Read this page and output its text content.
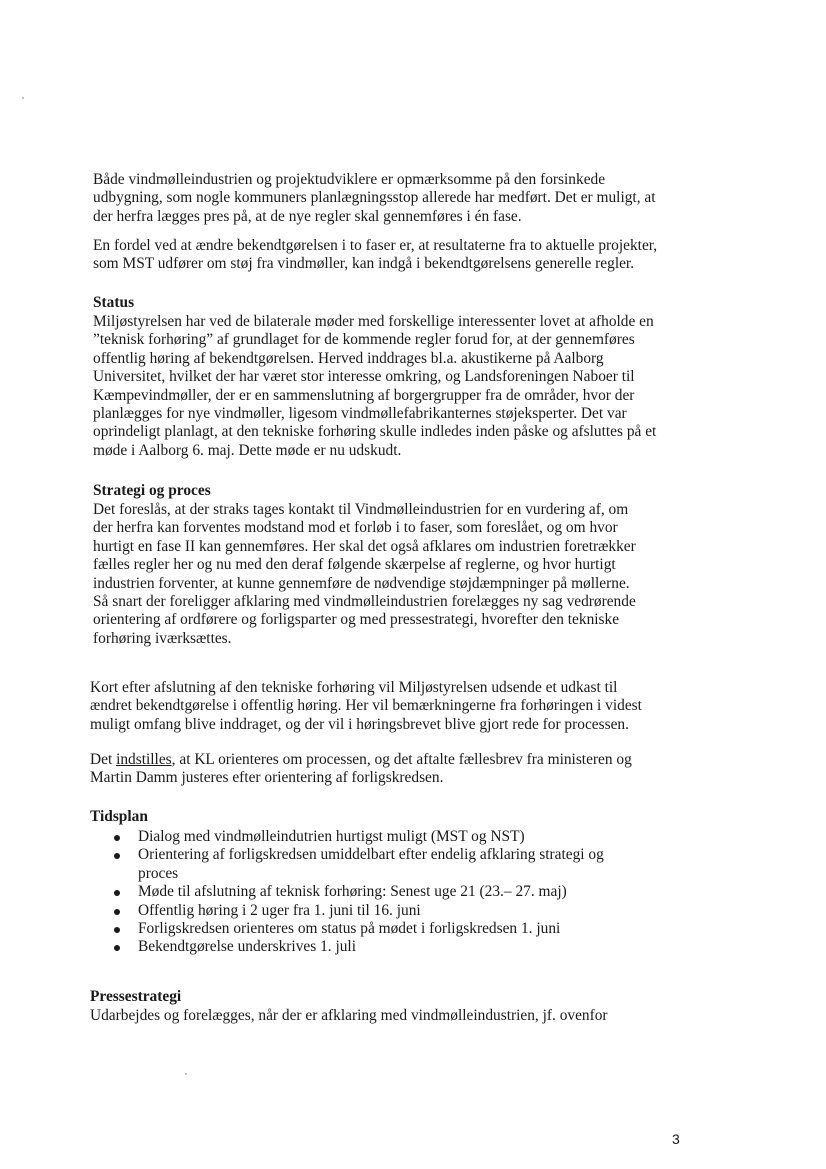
Både vindmølleindustrien og projektudviklere er opmærksomme på den forsinkede
udbygning, som nogle kommuners planlægningsstop allerede har medført. Det er muligt, at
der herfra lægges pres på, at de nye regler skal gennemføres i én fase.

En fordel ved at ændre bekendtgørelsen i to faser er, at resultaterne fra to aktuelle projekter,
som MST udfører om støj fra vindmøller, kan indgå i bekendtgørelsens generelle regler.

Status

Miljøstyrelsen har ved de bilaterale møder med forskellige interessenter lovet at afholde en
”teknisk forhøring” af grundlaget for de kommende regler forud for, at der gennemføres
offentlig høring af bekendtgørelsen. Herved inddrages bl.a. akustikerne på Aalborg
Universitet, hvilket der har været stor interesse omkring, og Landsforeningen Naboer til
Kæmpevindmøller, der er en sammenslutning af borgergrupper fra de områder, hvor der
planlægges for nye vindmøller, ligesom vindmøllefabrikanternes støjeksperter. Det var
oprindeligt planlagt, at den tekniske forhøring skulle indledes inden påske og afsluttes på et
møde i Aalborg 6. maj. Dette møde er nu udskudt.

Strategi og proces

Det foreslås, at der straks tages kontakt til Vindmølleindustrien for en vurdering af, om
der herfra kan forventes modstand mod et forløb i to faser, som foreslået, og om hvor
hurtigt en fase II kan gennemføres. Her skal det også afklares om industrien foretrækker
fælles regler her og nu med den deraf følgende skærpelse af reglerne, og hvor hurtigt
industrien forventer, at kunne gennemføre de nødvendige støjdæmpninger på møllerne.
Så snart der foreligger afklaring med vindmølleindustrien forelægges ny sag vedrørende
orientering af ordførere og forligsparter og med pressestrategi, hvorefter den tekniske
forhøring iværksættes.

Kort efter afslutning af den tekniske forhøring vil Miljøstyrelsen udsende et udkast til
ændret bekendtgørelse i offentlig høring. Her vil bemærkningerne fra forhøringen i videst
muligt omfang blive inddraget, og der vil i høringsbrevet blive gjort rede for processen.

Det indstilles, at KL orienteres om processen, og det aftalte fællesbrev fra ministeren og
Martin Damm justeres efter orientering af forligskredsen.

Tidsplan
Dialog med vindmølleindutrien hurtigst muligt (MST og NST)
Orientering af forligskredsen umiddelbart efter endelig afklaring strategi og
proces
Møde til afslutning af teknisk forhøring: Senest uge 21 (23.– 27. maj)
Offentlig høring i 2 uger fra 1. juni til 16. juni
Forligskredsen orienteres om status på mødet i forligskredsen 1. juni
Bekendtgørelse underskrives 1. juli
Pressestrategi

Udarbejdes og forelægges, når der er afklaring med vindmølleindustrien, jf. ovenfor

3
